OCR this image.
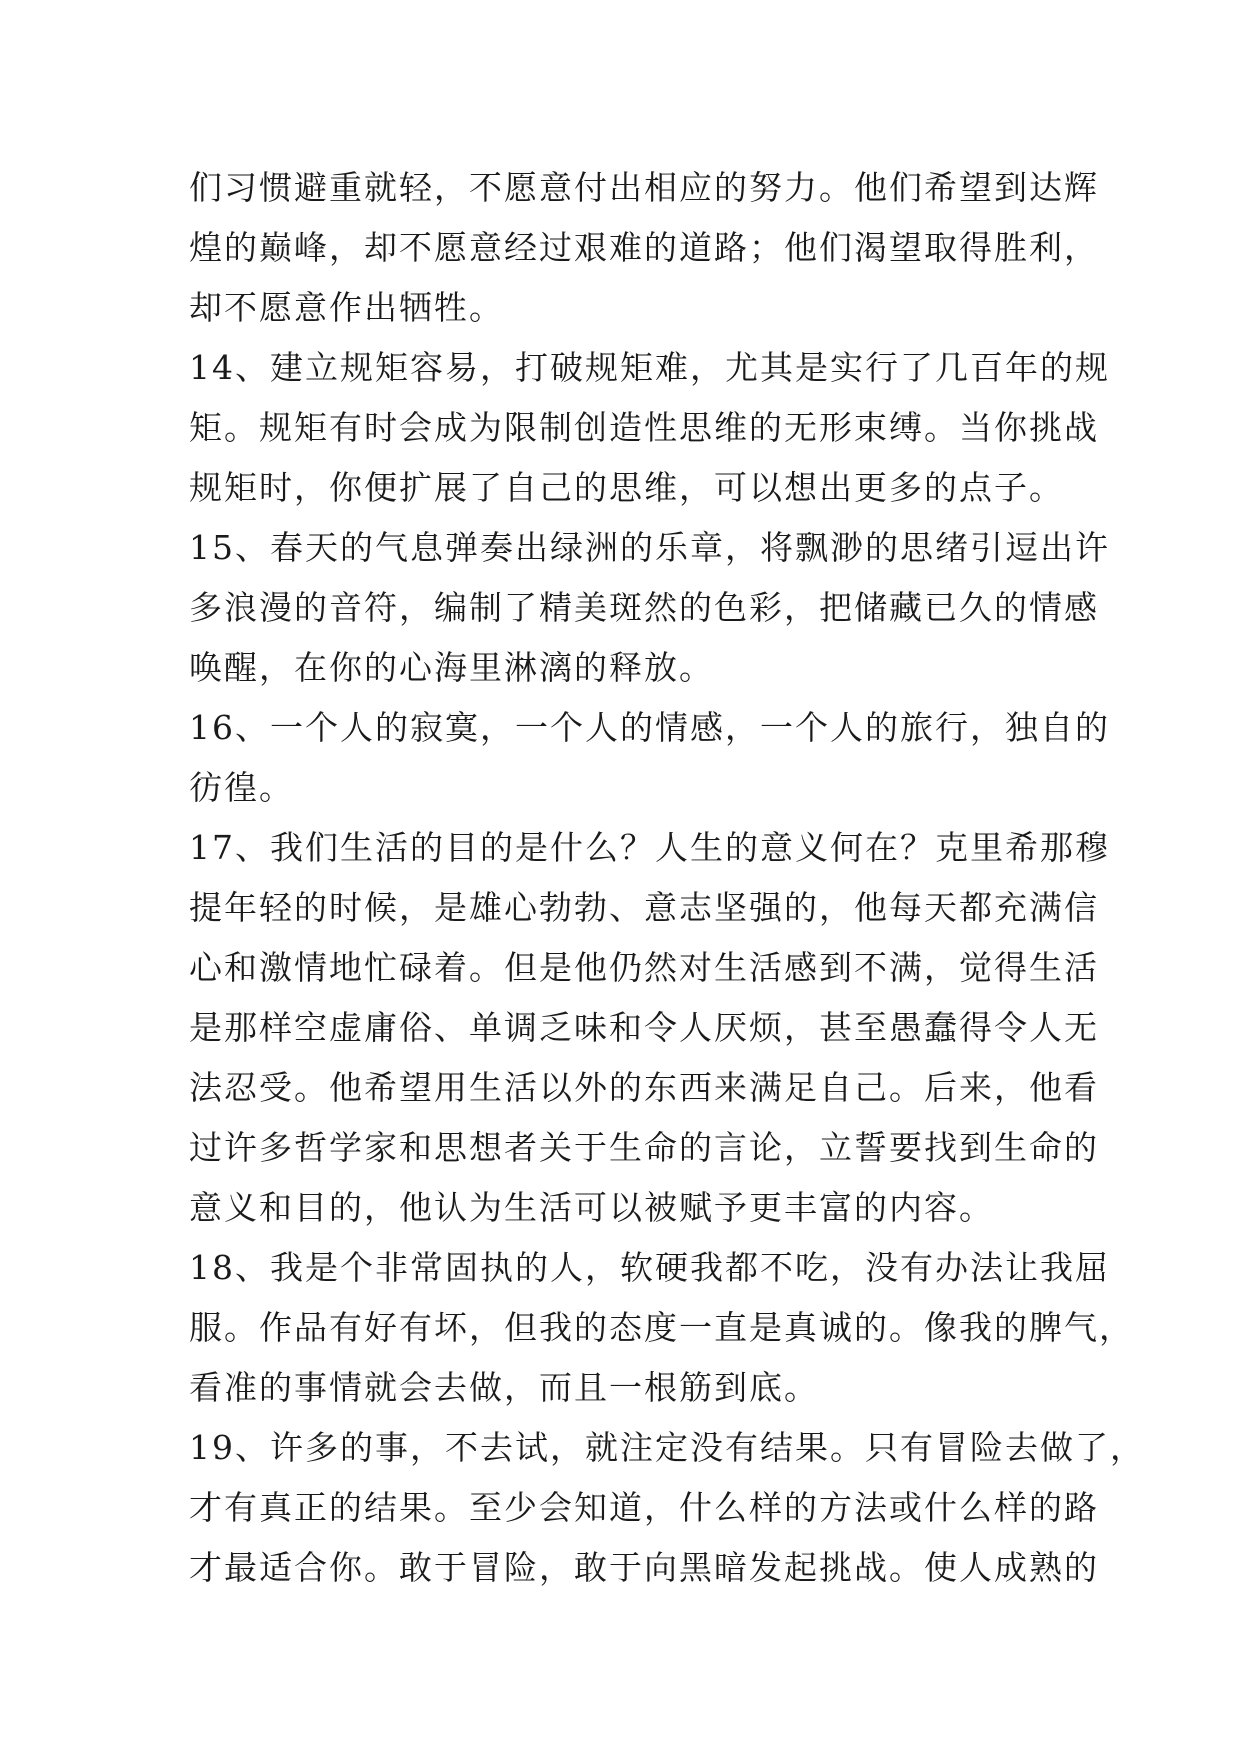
们习惯避重就轻，不愿意付出相应的努力。他们希望到达辉
煌的巅峰，却不愿意经过艰难的道路；他们渴望取得胜利，
却不愿意作出牺牲。
14、建立规矩容易，打破规矩难，尤其是实行了几百年的规
矩。规矩有时会成为限制创造性思维的无形束缚。当你挑战
规矩时，你便扩展了自己的思维，可以想出更多的点子。
15、春天的气息弹奏出绿洲的乐章，将飘渺的思绪引逗出许
多浪漫的音符，编制了精美斑然的色彩，把储藏已久的情感
唤醒，在你的心海里淋漓的释放。
16、一个人的寂寞，一个人的情感，一个人的旅行，独自的
彷徨。
17、我们生活的目的是什么？人生的意义何在？克里希那穆
提年轻的时候，是雄心勃勃、意志坚强的，他每天都充满信
心和激情地忙碌着。但是他仍然对生活感到不满，觉得生活
是那样空虚庸俗、单调乏味和令人厌烦，甚至愚蠢得令人无
法忍受。他希望用生活以外的东西来满足自己。后来，他看
过许多哲学家和思想者关于生命的言论，立誓要找到生命的
意义和目的，他认为生活可以被赋予更丰富的内容。
18、我是个非常固执的人，软硬我都不吃，没有办法让我屈
服。作品有好有坏，但我的态度一直是真诚的。像我的脾气，
看准的事情就会去做，而且一根筋到底。
19、许多的事，不去试，就注定没有结果。只有冒险去做了，
才有真正的结果。至少会知道，什么样的方法或什么样的路
才最适合你。敢于冒险，敢于向黑暗发起挑战。使人成熟的
